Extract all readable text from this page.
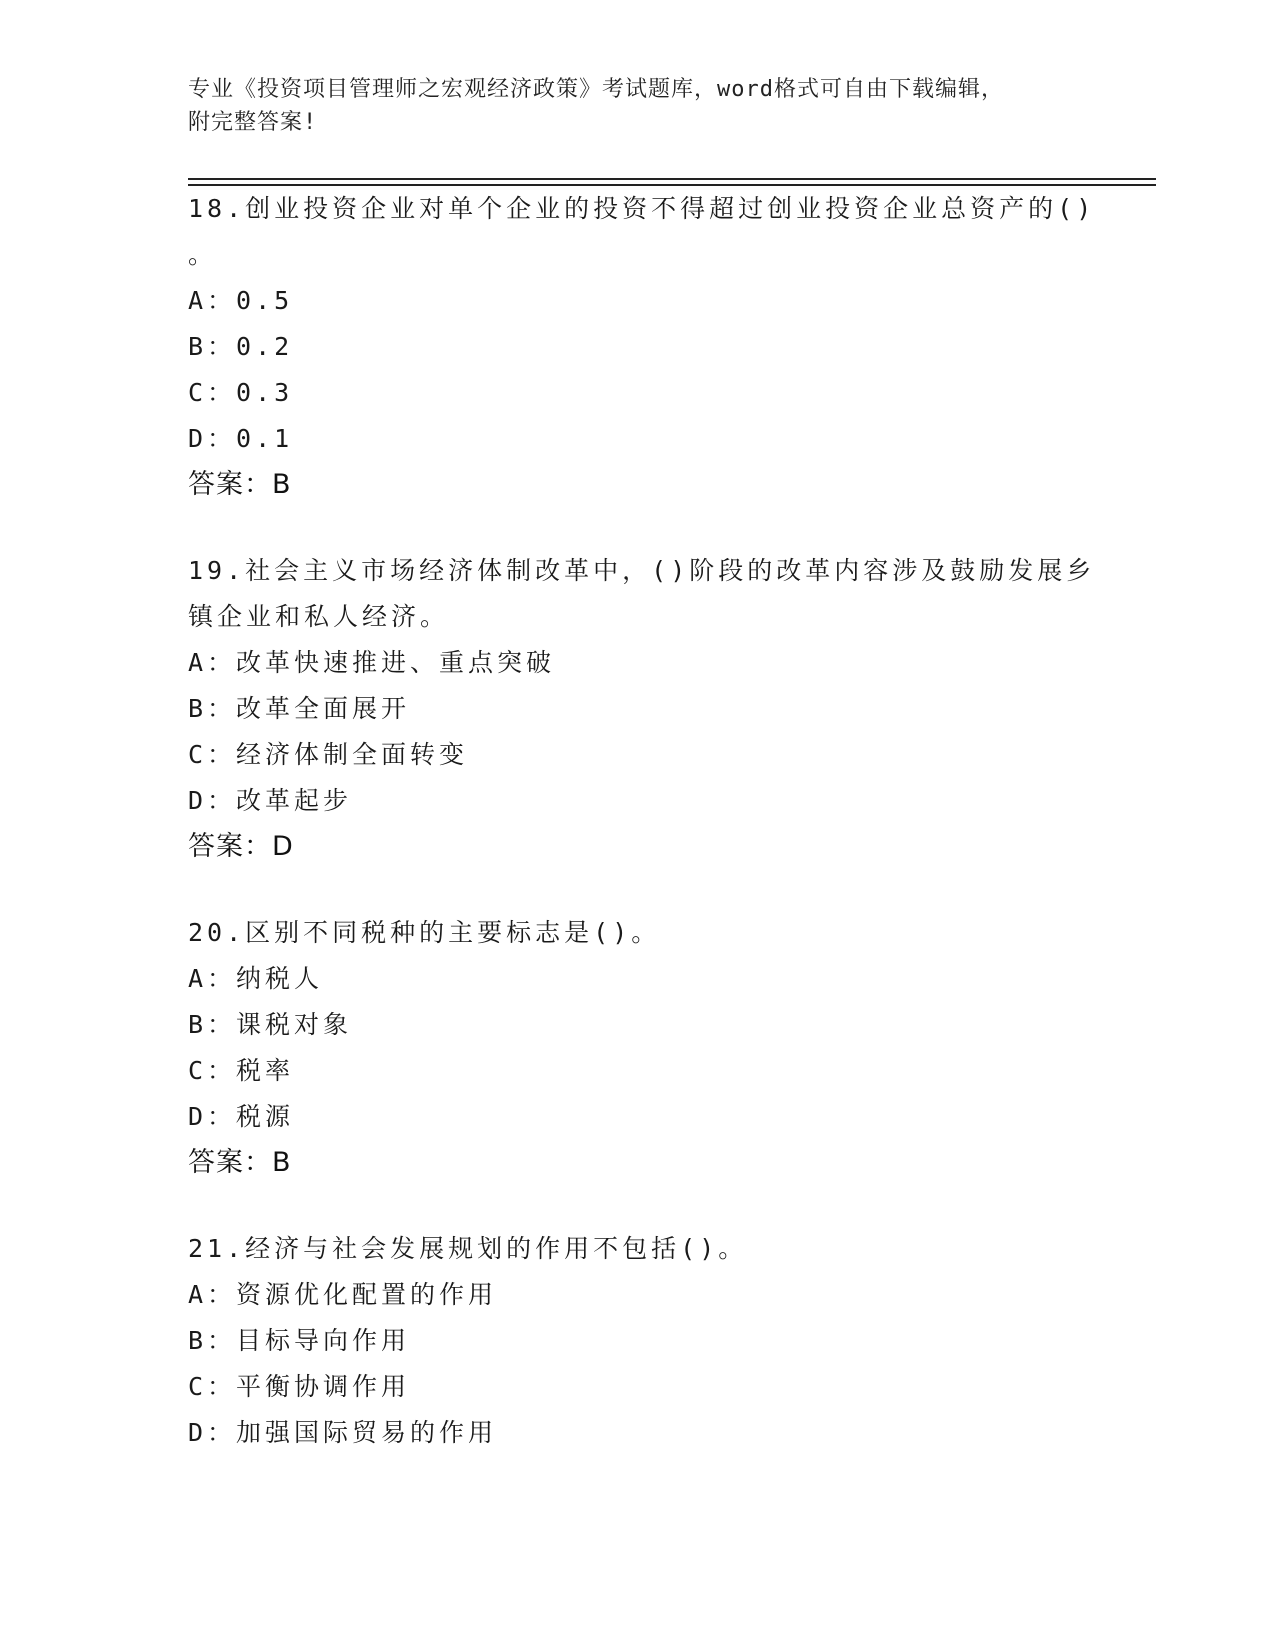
专业《投资项目管理师之宏观经济政策》考试题库，word格式可自由下载编辑，
附完整答案!
18.创业投资企业对单个企业的投资不得超过创业投资企业总资产的()
。
A：0.5
B：0.2
C：0.3
D：0.1
答案：B
19.社会主义市场经济体制改革中，()阶段的改革内容涉及鼓励发展乡
镇企业和私人经济。
A：改革快速推进、重点突破
B：改革全面展开
C：经济体制全面转变
D：改革起步
答案：D
20.区别不同税种的主要标志是()。
A：纳税人
B：课税对象
C：税率
D：税源
答案：B
21.经济与社会发展规划的作用不包括()。
A：资源优化配置的作用
B：目标导向作用
C：平衡协调作用
D：加强国际贸易的作用
